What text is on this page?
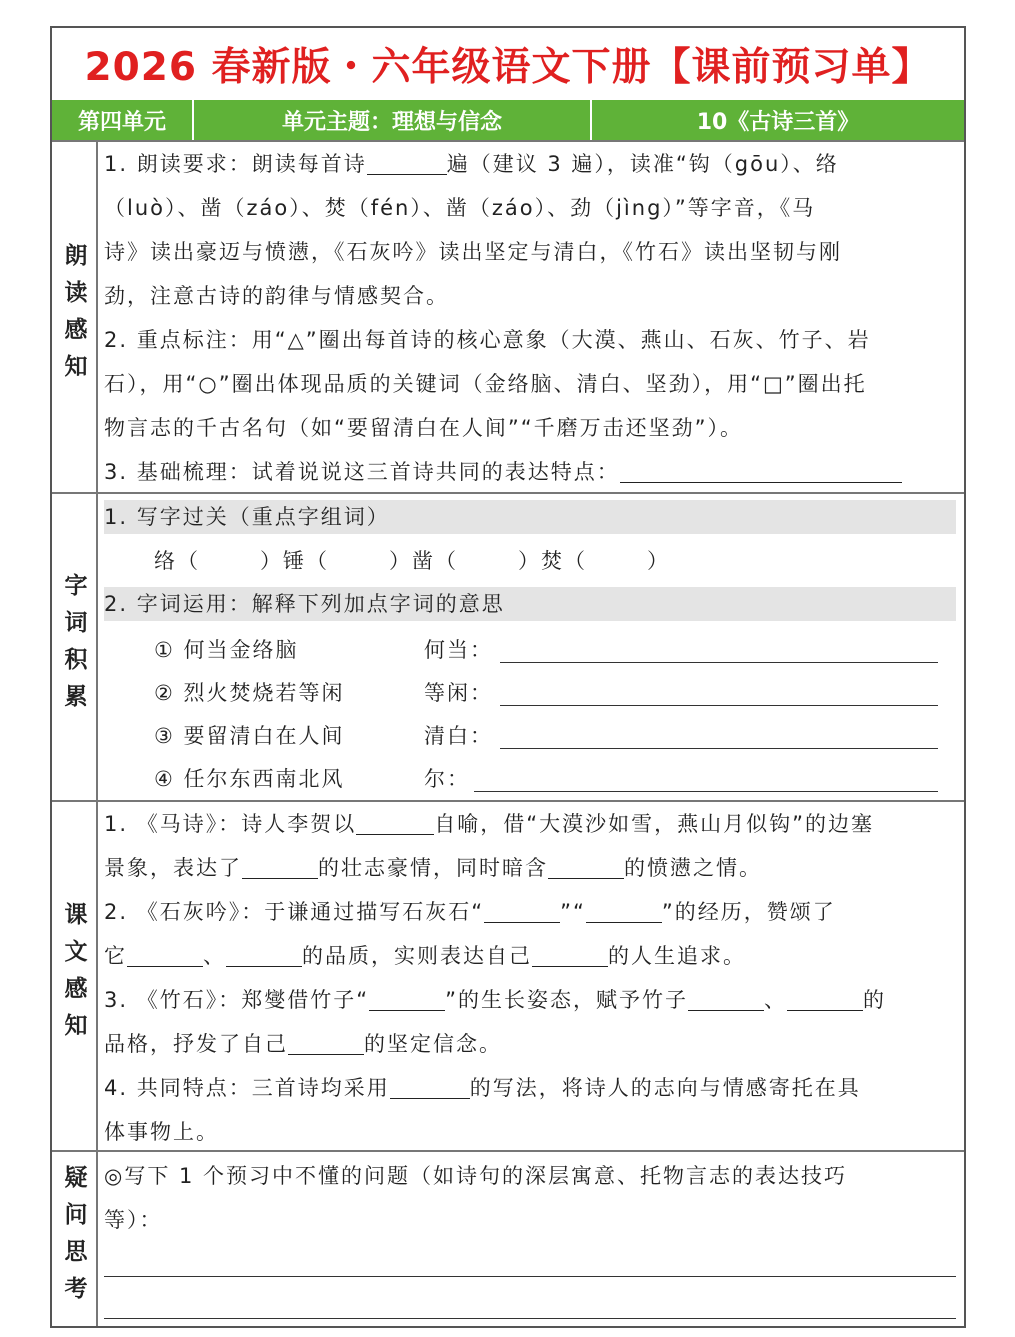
2026 春新版・六年级语文下册【课前预习单】
第四单元	单元主题：理想与信念	10《古诗三首》
朗读感知
1. 朗读要求：朗读每首诗	遍（建议 3 遍），读准“钩（gōu）、络
（luò）、凿（záo）、焚（fén）、凿（záo）、劲（jìng）”等字音，《马
诗》读出豪迈与愤懑，《石灰吟》读出坚定与清白，《竹石》读出坚韧与刚
劲，注意古诗的韵律与情感契合。
2. 重点标注：用“△”圈出每首诗的核心意象（大漠、燕山、石灰、竹子、岩
石），用“○”圈出体现品质的关键词（金络脑、清白、坚劲），用“□”圈出托
物言志的千古名句（如“要留清白在人间”“千磨万击还坚劲”）。
3. 基础梳理：试着说说这三首诗共同的表达特点：
字词积累
1. 写字过关（重点字组词）
络（	）锤（	）凿（	）焚（	）
2. 字词运用：解释下列加点字词的意思
① 何当金络脑	何当：
② 烈火焚烧若等闲	等闲：
③ 要留清白在人间	清白：
④ 任尔东西南北风	尔：
课文感知
1. 《马诗》：诗人李贺以	自喻，借“大漠沙如雪，燕山月似钩”的边塞
景象，表达了	的壮志豪情，同时暗含	的愤懑之情。
2. 《石灰吟》：于谦通过描写石灰石“	”“	”的经历，赞颂了
它	、	的品质，实则表达自己	的人生追求。
3. 《竹石》：郑燮借竹子“	”的生长姿态，赋予竹子	、	的
品格，抒发了自己	的坚定信念。
4. 共同特点：三首诗均采用	的写法，将诗人的志向与情感寄托在具
体事物上。
疑问思考 ◎写下 1 个预习中不懂的问题（如诗句的深层寓意、托物言志的表达技巧
等）：
